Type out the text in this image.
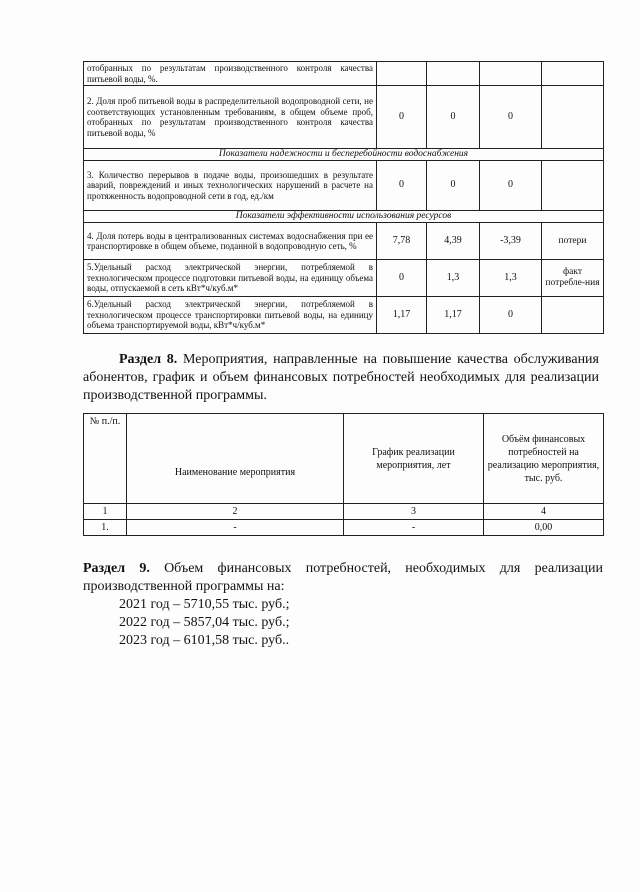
отобранных по результатам производственного контроля качества питьевой воды, %.				
2. Доля проб питьевой воды в распределительной водопроводной сети, не соответствующих установленным требованиям, в общем объеме проб, отобранных по результатам производственного контроля качества питьевой воды, %	0	0	0	
Показатели надежности и бесперебойности водоснабжения				
3. Количество перерывов в подаче воды, произошедших в результате аварий, повреждений и иных технологических нарушений в расчете на протяженность водопроводной сети в год, ед./км	0	0	0	
Показатели эффективности использования ресурсов				
4. Доля потерь воды в централизованных системах водоснабжения при ее транспортировке в общем объеме, поданной в водопроводную сеть, %	7,78	4,39	-3,39	потери
5.Удельный расход электрической энергии, потребляемой в технологическом процессе подготовки питьевой воды, на единицу объема воды, отпускаемой в сеть кВт*ч/куб.м*	0	1,3	1,3	факт потребле-ния
6.Удельный расход электрической энергии, потребляемой в технологическом процессе транспортировки питьевой воды, на единицу объема транспортируемой воды, кВт*ч/куб.м*	1,17	1,17	0	

Раздел 8. Мероприятия, направленные на повышение качества обслуживания абонентов, график и объем финансовых потребностей необходимых для реализации производственной программы.

№ п./п.	Наименование мероприятия	График реализации мероприятия, лет	Объём финансовых потребностей на реализацию мероприятия, тыс. руб.
1	2	3	4
1.	-	-	0,00

Раздел 9. Объем финансовых потребностей, необходимых для реализации производственной программы на:

2021 год – 5710,55 тыс. руб.;

2022 год – 5857,04 тыс. руб.;

2023 год – 6101,58 тыс. руб..
